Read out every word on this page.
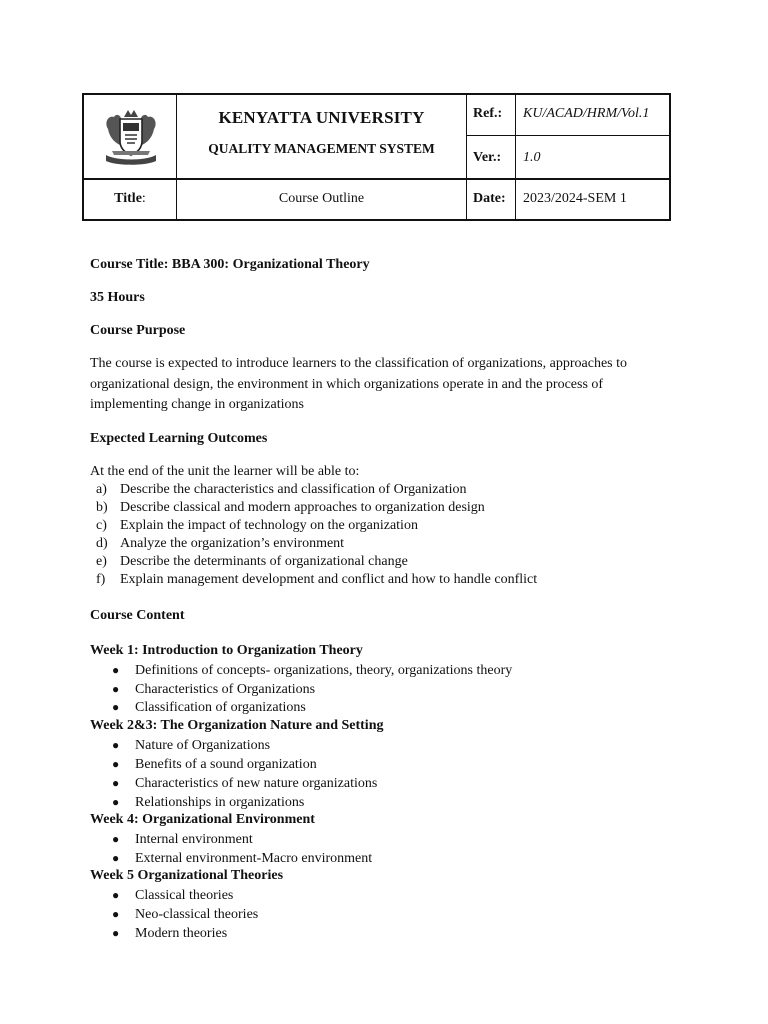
KENYATTA UNIVERSITY
QUALITY MANAGEMENT SYSTEM
Ref.: KU/ACAD/HRM/Vol.1
Ver.: 1.0
Title:	Course Outline	Date: 2023/2024-SEM 1
Course Title: BBA 300: Organizational Theory
35 Hours
Course Purpose
The course is expected to introduce learners to the classification of organizations, approaches to
organizational design, the environment in which organizations operate in and the process of
implementing change in organizations
Expected Learning Outcomes
At the end of the unit the learner will be able to:
a) Describe the characteristics and classification of Organization
b) Describe classical and modern approaches to organization design
c) Explain the impact of technology on the organization
d) Analyze the organization’s environment
e) Describe the determinants of organizational change
f) Explain management development and conflict and how to handle conflict
Course Content
Week 1: Introduction to Organization Theory
● Definitions of concepts- organizations, theory, organizations theory
● Characteristics of Organizations
● Classification of organizations
Week 2&3: The Organization Nature and Setting
● Nature of Organizations
● Benefits of a sound organization
● Characteristics of new nature organizations
● Relationships in organizations
Week 4: Organizational Environment
● Internal environment
● External environment-Macro environment
Week 5 Organizational Theories
● Classical theories
● Neo-classical theories
● Modern theories
